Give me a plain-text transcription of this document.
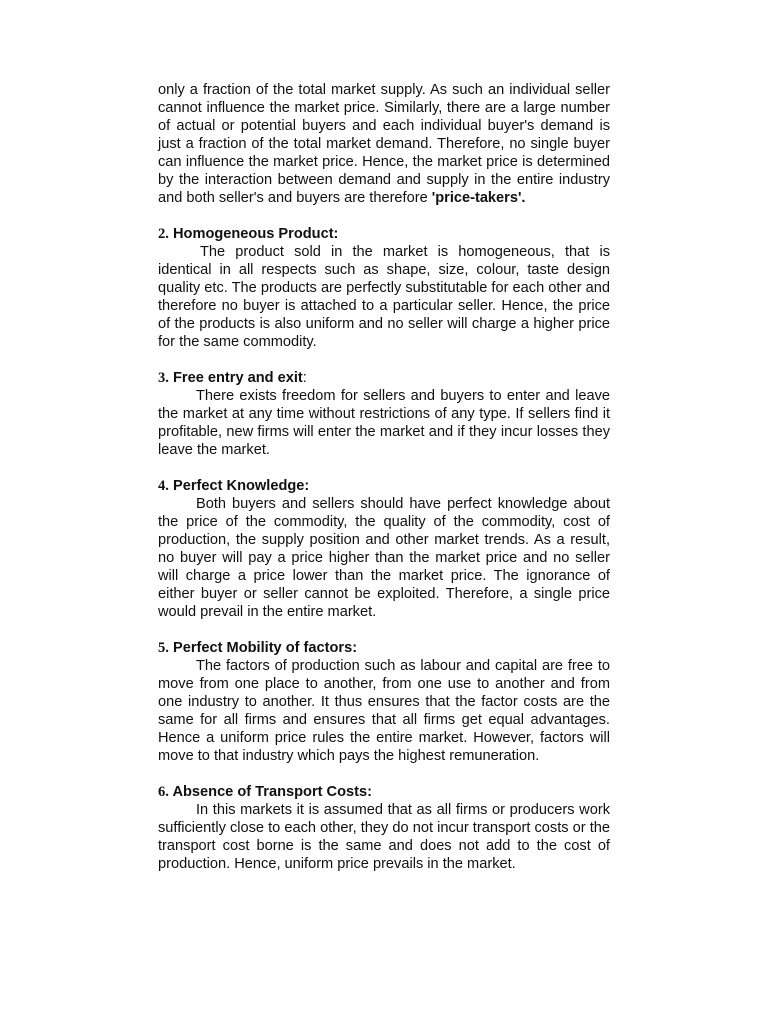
only a fraction of the total market supply. As such an individual seller cannot influence the market price. Similarly, there are a large number of actual or potential buyers and each individual buyer's demand is just a fraction of the total market demand. Therefore, no single buyer can influence the market price. Hence, the market price is determined by the interaction between demand and supply in the entire industry and both seller's and buyers are therefore 'price-takers'.

2. Homogeneous Product:

The product sold in the market is homogeneous, that is identical in all respects such as shape, size, colour, taste design quality etc. The products are perfectly substitutable for each other and therefore no buyer is attached to a particular seller. Hence, the price of the products is also uniform and no seller will charge a higher price for the same commodity.

3. Free entry and exit:

There exists freedom for sellers and buyers to enter and leave the market at any time without restrictions of any type. If sellers find it profitable, new firms will enter the market and if they incur losses they leave the market.

4. Perfect Knowledge:

Both buyers and sellers should have perfect knowledge about the price of the commodity, the quality of the commodity, cost of production, the supply position and other market trends. As a result, no buyer will pay a price higher than the market price and no seller will charge a price lower than the market price. The ignorance of either buyer or seller cannot be exploited. Therefore, a single price would prevail in the entire market.

5. Perfect Mobility of factors:

The factors of production such as labour and capital are free to move from one place to another, from one use to another and from one industry to another. It thus ensures that the factor costs are the same for all firms and ensures that all firms get equal advantages. Hence a uniform price rules the entire market. However, factors will move to that industry which pays the highest remuneration.

6. Absence of Transport Costs:

In this markets it is assumed that as all firms or producers work sufficiently close to each other, they do not incur transport costs or the transport cost borne is the same and does not add to the cost of production. Hence, uniform price prevails in the market.
